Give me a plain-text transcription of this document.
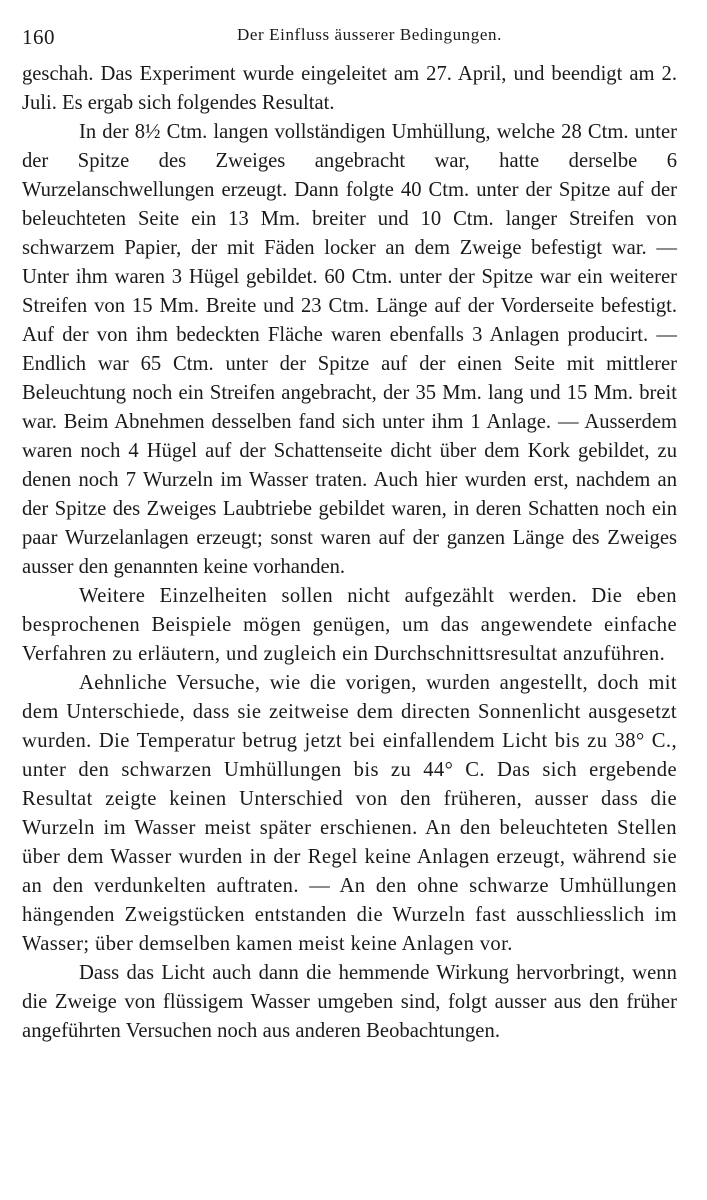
160	Der Einfluss äusserer Bedingungen.

geschah. Das Experiment wurde eingeleitet am 27. April, und beendigt am 2. Juli. Es ergab sich folgendes Resultat.

In der 8½ Ctm. langen vollständigen Umhüllung, welche 28 Ctm. unter der Spitze des Zweiges angebracht war, hatte derselbe 6 Wurzelanschwellungen erzeugt. Dann folgte 40 Ctm. unter der Spitze auf der beleuchteten Seite ein 13 Mm. breiter und 10 Ctm. langer Streifen von schwarzem Papier, der mit Fäden locker an dem Zweige befestigt war. — Unter ihm waren 3 Hügel gebildet. 60 Ctm. unter der Spitze war ein weiterer Streifen von 15 Mm. Breite und 23 Ctm. Länge auf der Vorderseite befestigt. Auf der von ihm bedeckten Fläche waren ebenfalls 3 Anlagen producirt. — Endlich war 65 Ctm. unter der Spitze auf der einen Seite mit mittlerer Beleuchtung noch ein Streifen angebracht, der 35 Mm. lang und 15 Mm. breit war. Beim Abnehmen desselben fand sich unter ihm 1 Anlage. — Ausserdem waren noch 4 Hügel auf der Schattenseite dicht über dem Kork gebildet, zu denen noch 7 Wurzeln im Wasser traten. Auch hier wurden erst, nachdem an der Spitze des Zweiges Laubtriebe gebildet waren, in deren Schatten noch ein paar Wurzelanlagen erzeugt; sonst waren auf der ganzen Länge des Zweiges ausser den genannten keine vorhanden.

Weitere Einzelheiten sollen nicht aufgezählt werden. Die eben besprochenen Beispiele mögen genügen, um das angewendete einfache Verfahren zu erläutern, und zugleich ein Durchschnittsresultat anzuführen.

Aehnliche Versuche, wie die vorigen, wurden angestellt, doch mit dem Unterschiede, dass sie zeitweise dem directen Sonnenlicht ausgesetzt wurden. Die Temperatur betrug jetzt bei einfallendem Licht bis zu 38° C., unter den schwarzen Umhüllungen bis zu 44° C. Das sich ergebende Resultat zeigte keinen Unterschied von den früheren, ausser dass die Wurzeln im Wasser meist später erschienen. An den beleuchteten Stellen über dem Wasser wurden in der Regel keine Anlagen erzeugt, während sie an den verdunkelten auftraten. — An den ohne schwarze Umhüllungen hängenden Zweigstücken entstanden die Wurzeln fast ausschliesslich im Wasser; über demselben kamen meist keine Anlagen vor.

Dass das Licht auch dann die hemmende Wirkung hervorbringt, wenn die Zweige von flüssigem Wasser umgeben sind, folgt ausser aus den früher angeführten Versuchen noch aus anderen Beobachtungen.
